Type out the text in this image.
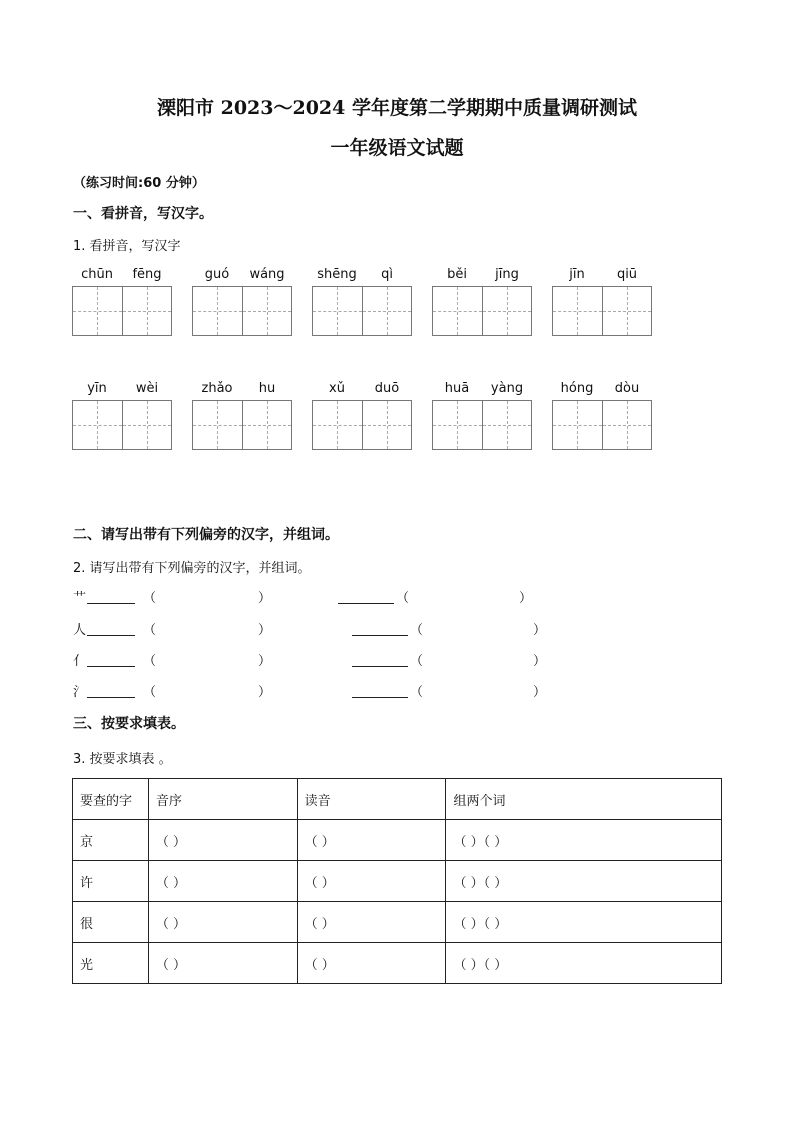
溧阳市 2023～2024 学年度第二学期期中质量调研测试
一年级语文试题
（练习时间:60 分钟）
一、看拼音，写汉字。
1. 看拼音，写汉字
chūn	fēng	guó	wáng	shēng	qì	běi	jīng	jīn	qiū
yīn	wèi	zhǎo	hu	xǔ	duō	huā	yàng	hóng	dòu
二、请写出带有下列偏旁的汉字，并组词。
2. 请写出带有下列偏旁的汉字，并组词。
艹	（	）	（	）
人	（	）	（	）
亻	（	）	（	）
氵	（	）	（	）
三、按要求填表。
3. 按要求填表 。
要查的字	音序	读音	组两个词
京	（ ）	（ ）	（ ）（ ）
许	（ ）	（ ）	（ ）（ ）
很	（ ）	（ ）	（ ）（ ）
光	（ ）	（ ）	（ ）（ ）
